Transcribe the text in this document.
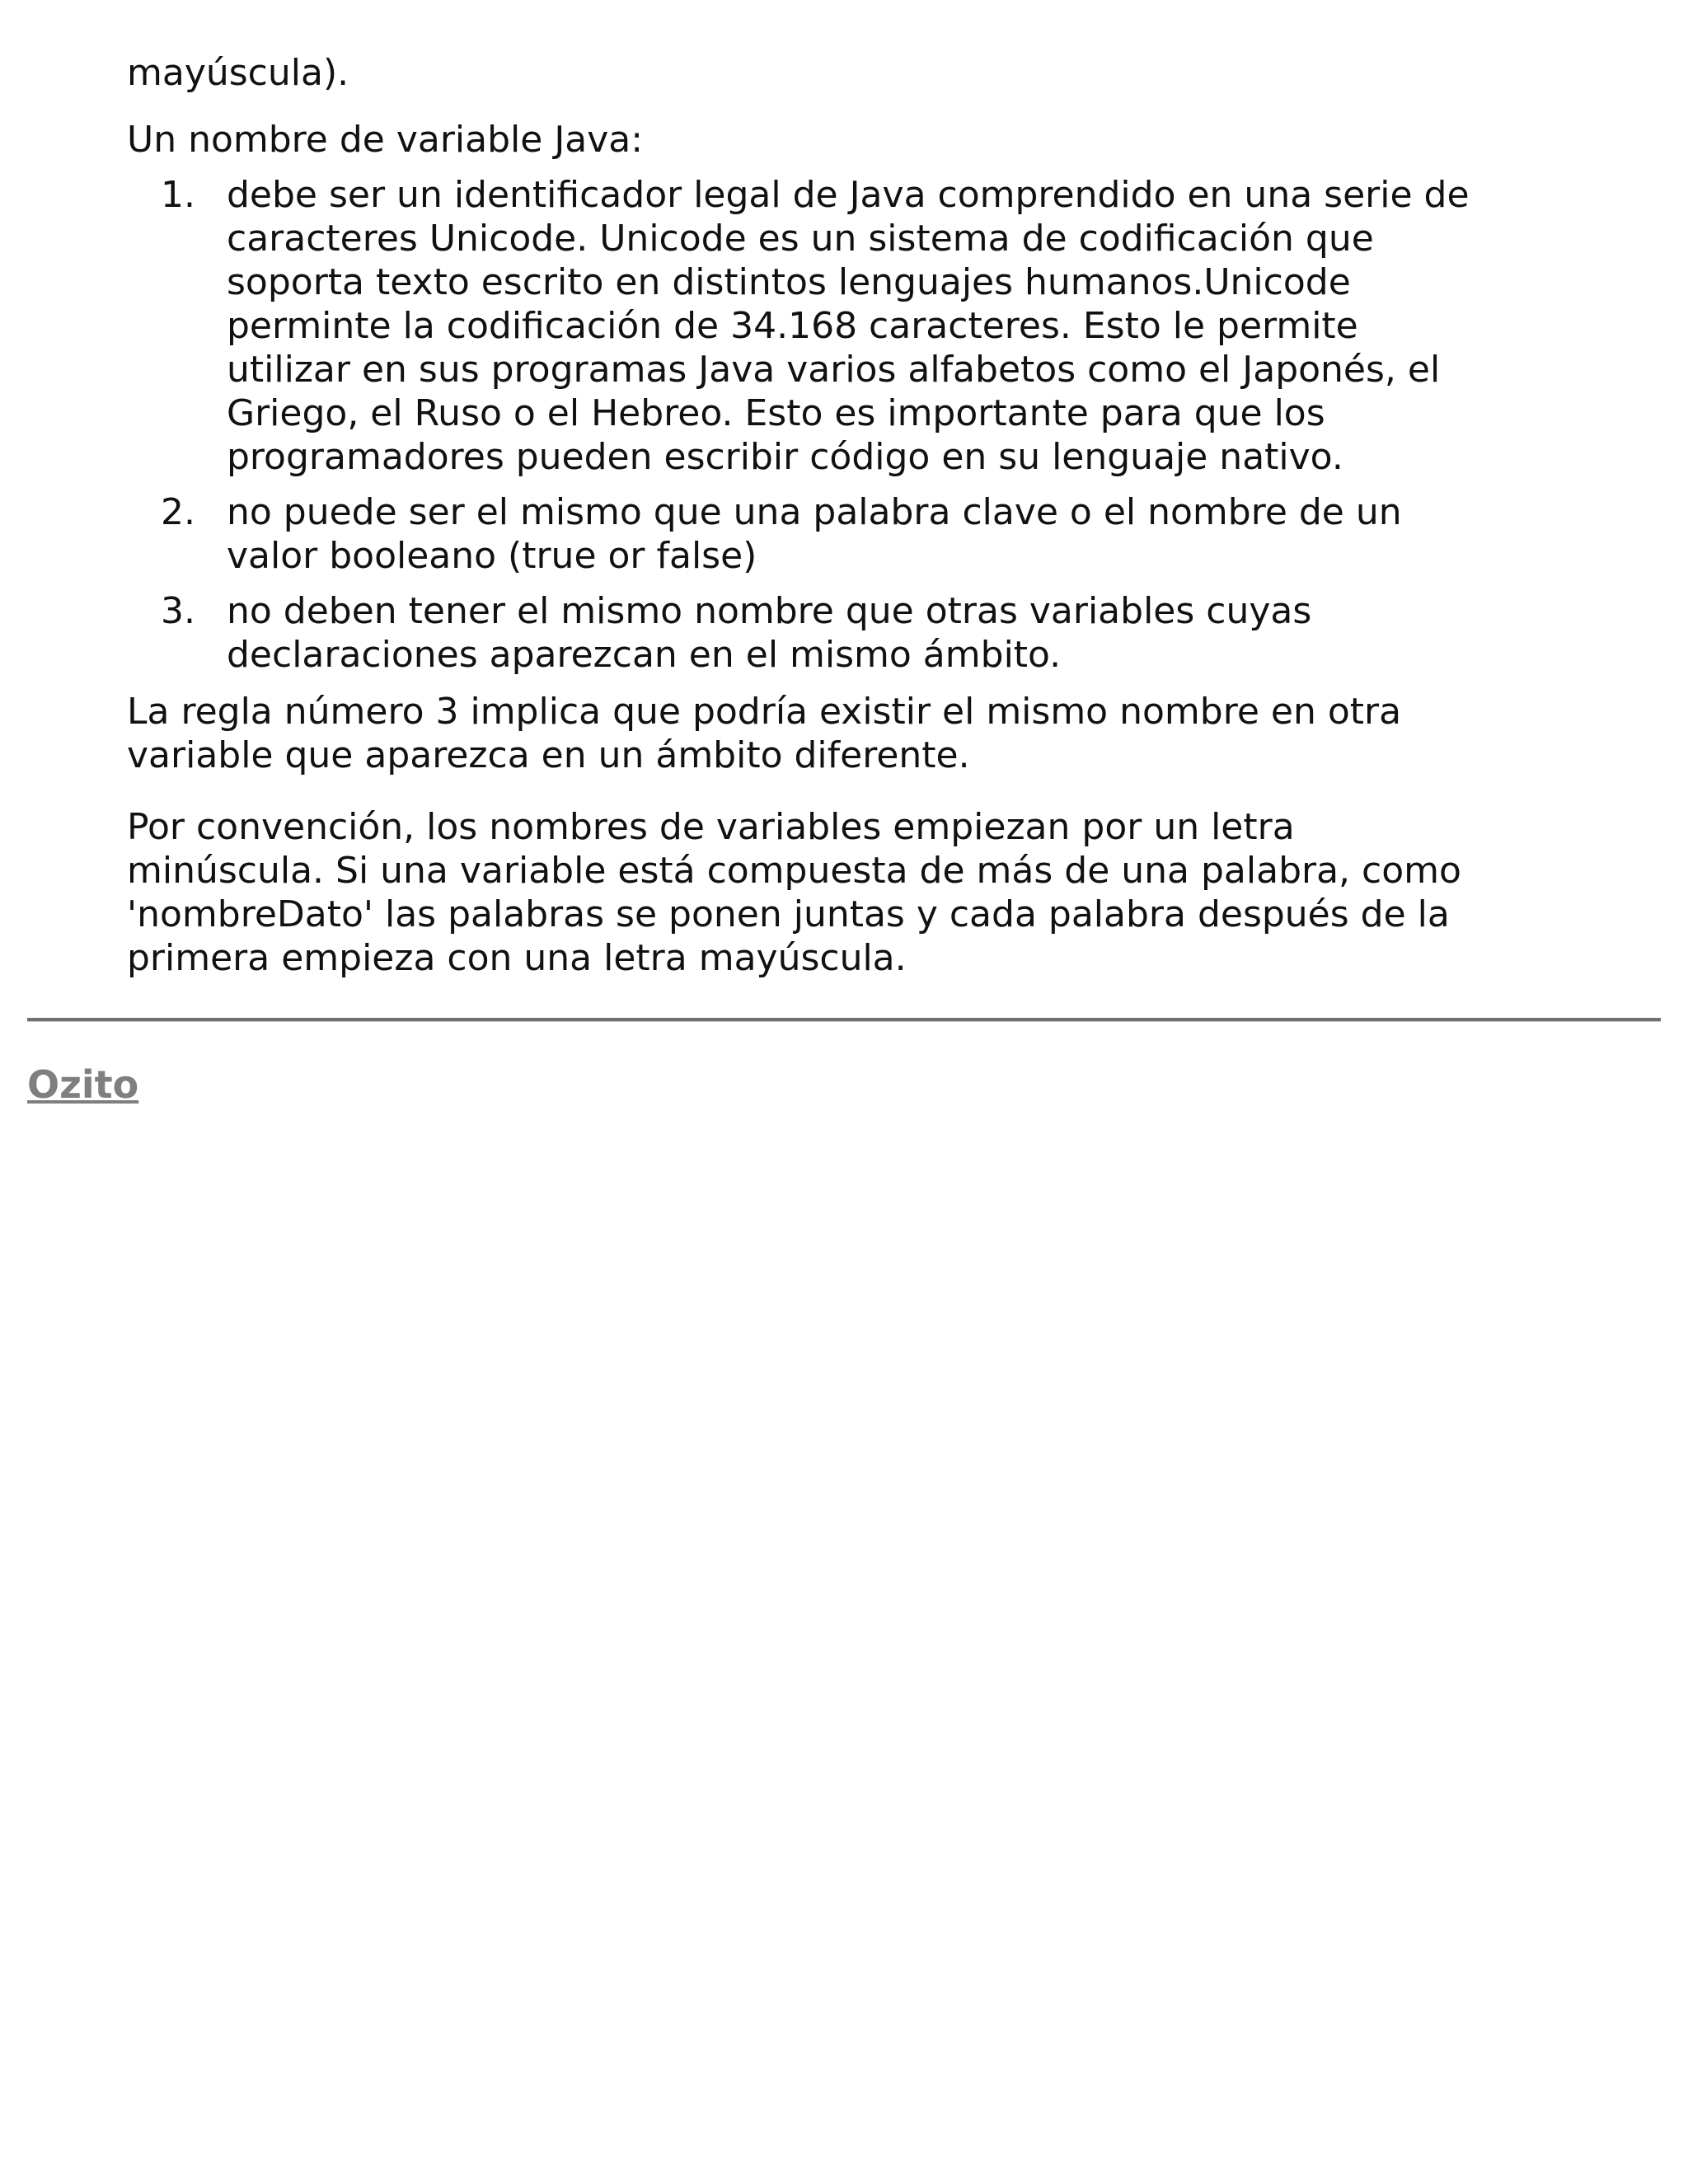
mayúscula).

Un nombre de variable Java:

1. debe ser un identificador legal de Java comprendido en una serie de
caracteres Unicode. Unicode es un sistema de codificación que
soporta texto escrito en distintos lenguajes humanos.Unicode
perminte la codificación de 34.168 caracteres. Esto le permite
utilizar en sus programas Java varios alfabetos como el Japonés, el
Griego, el Ruso o el Hebreo. Esto es importante para que los
programadores pueden escribir código en su lenguaje nativo.
2. no puede ser el mismo que una palabra clave o el nombre de un
valor booleano (true or false)
3. no deben tener el mismo nombre que otras variables cuyas
declaraciones aparezcan en el mismo ámbito.

La regla número 3 implica que podría existir el mismo nombre en otra
variable que aparezca en un ámbito diferente.

Por convención, los nombres de variables empiezan por un letra
minúscula. Si una variable está compuesta de más de una palabra, como
'nombreDato' las palabras se ponen juntas y cada palabra después de la
primera empieza con una letra mayúscula.

Ozito
